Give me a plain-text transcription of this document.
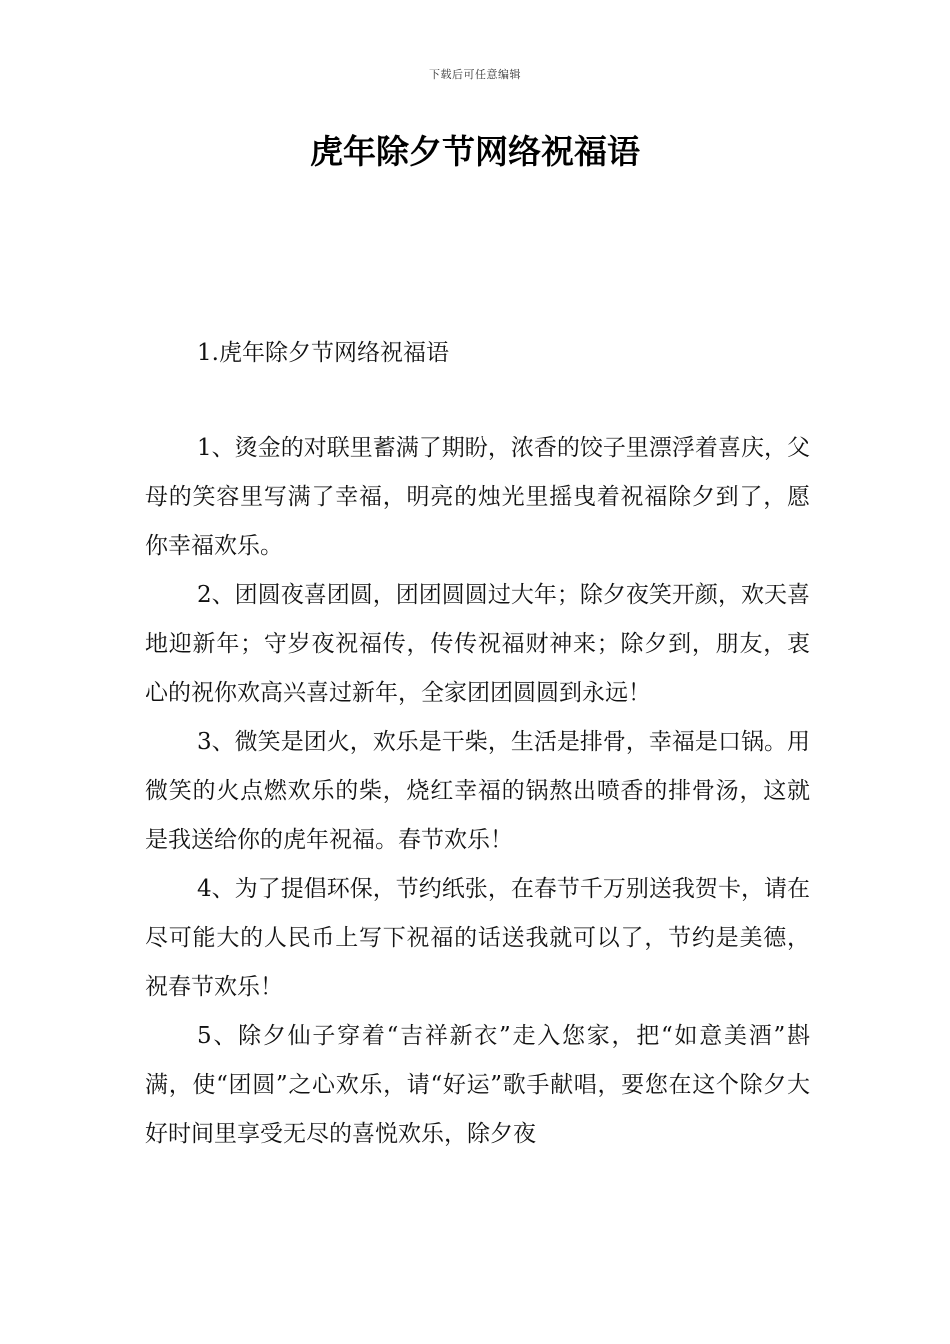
下载后可任意编辑
虎年除夕节网络祝福语
1.虎年除夕节网络祝福语

1、烫金的对联里蓄满了期盼，浓香的饺子里漂浮着喜庆，父母的笑容里写满了幸福，明亮的烛光里摇曳着祝福除夕到了，愿你幸福欢乐。

2、团圆夜喜团圆，团团圆圆过大年；除夕夜笑开颜，欢天喜地迎新年；守岁夜祝福传，传传祝福财神来；除夕到，朋友，衷心的祝你欢高兴喜过新年，全家团团圆圆到永远！

3、微笑是团火，欢乐是干柴，生活是排骨，幸福是口锅。用微笑的火点燃欢乐的柴，烧红幸福的锅熬出喷香的排骨汤，这就是我送给你的虎年祝福。春节欢乐！

4、为了提倡环保，节约纸张，在春节千万别送我贺卡，请在尽可能大的人民币上写下祝福的话送我就可以了，节约是美德，祝春节欢乐！

5、除夕仙子穿着“吉祥新衣”走入您家，把“如意美酒”斟满，使“团圆”之心欢乐，请“好运”歌手献唱，要您在这个除夕大好时间里享受无尽的喜悦欢乐，除夕夜
